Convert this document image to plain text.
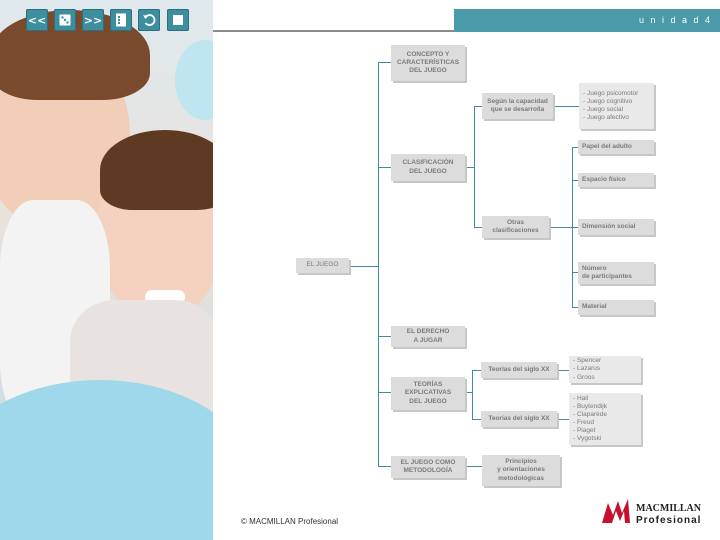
<<	>>	u n i d a d 4
EL JUEGO
CONCEPTO Y
CARACTERÍSTICAS
DEL JUEGO
CLASIFICACIÓN
DEL JUEGO
Según la capacidad
que se desarrolla
- Juego psicomotor
- Juego cognitivo
- Juego social
- Juego afectivo
Otras
clasificaciones
Papel del adulto
Espacio físico
Dimensión social
Número
de participantes
Material
EL DERECHO
A JUGAR
TEORÍAS
EXPLICATIVAS
DEL JUEGO
Teorías del siglo XX
- Spencer
- Lazarus
- Groos
Teorías del siglo XX
- Hall
- Buytendijk
- Claparède
- Freud
- Piaget
- Vygotski
EL JUEGO COMO
METODOLOGÍA
Principios
y orientaciones
metodológicas
© MACMILLAN Profesional
MACMILLAN
Profesional
